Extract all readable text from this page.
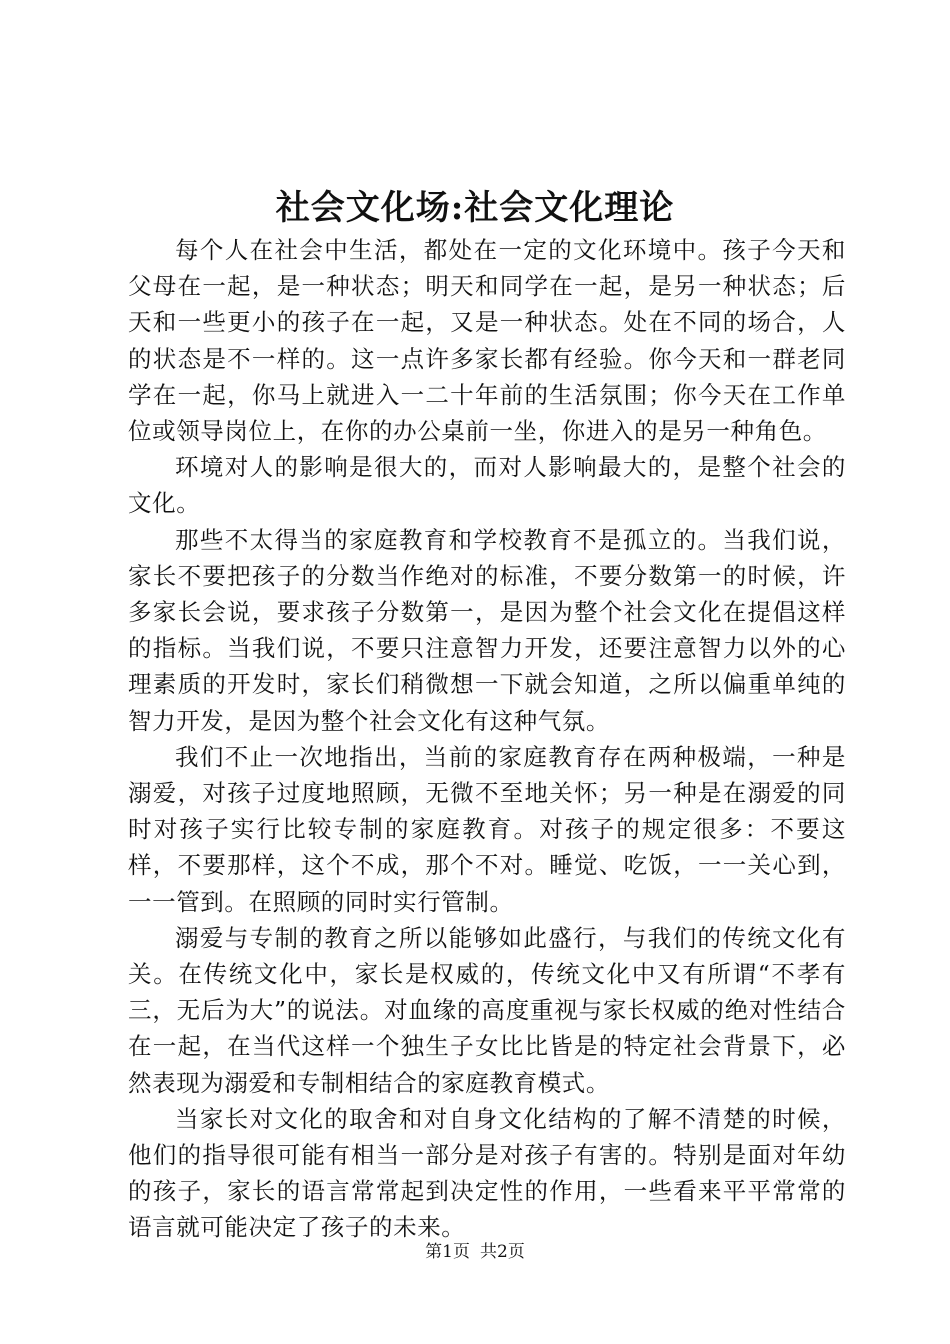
社会文化场:社会文化理论

每个人在社会中生活，都处在一定的文化环境中。孩子今天和父母在一起，是一种状态；明天和同学在一起，是另一种状态；后天和一些更小的孩子在一起，又是一种状态。处在不同的场合，人的状态是不一样的。这一点许多家长都有经验。你今天和一群老同学在一起，你马上就进入一二十年前的生活氛围；你今天在工作单位或领导岗位上，在你的办公桌前一坐，你进入的是另一种角色。

环境对人的影响是很大的，而对人影响最大的，是整个社会的文化。

那些不太得当的家庭教育和学校教育不是孤立的。当我们说，家长不要把孩子的分数当作绝对的标准，不要分数第一的时候，许多家长会说，要求孩子分数第一，是因为整个社会文化在提倡这样的指标。当我们说，不要只注意智力开发，还要注意智力以外的心理素质的开发时，家长们稍微想一下就会知道，之所以偏重单纯的智力开发，是因为整个社会文化有这种气氛。

我们不止一次地指出，当前的家庭教育存在两种极端，一种是溺爱，对孩子过度地照顾，无微不至地关怀；另一种是在溺爱的同时对孩子实行比较专制的家庭教育。对孩子的规定很多：不要这样，不要那样，这个不成，那个不对。睡觉、吃饭，一一关心到，一一管到。在照顾的同时实行管制。

溺爱与专制的教育之所以能够如此盛行，与我们的传统文化有关。在传统文化中，家长是权威的，传统文化中又有所谓“不孝有三，无后为大”的说法。对血缘的高度重视与家长权威的绝对性结合在一起，在当代这样一个独生子女比比皆是的特定社会背景下，必然表现为溺爱和专制相结合的家庭教育模式。

当家长对文化的取舍和对自身文化结构的了解不清楚的时候，他们的指导很可能有相当一部分是对孩子有害的。特别是面对年幼的孩子，家长的语言常常起到决定性的作用，一些看来平平常常的语言就可能决定了孩子的未来。

第1页 共2页
